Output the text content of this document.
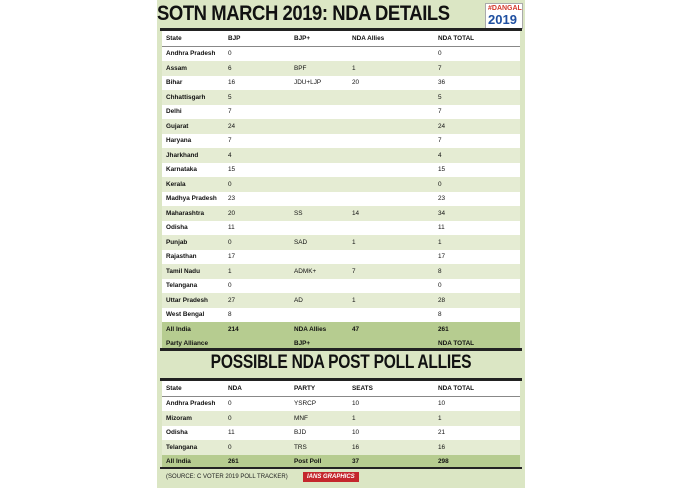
SOTN MARCH 2019: NDA DETAILS	#DANGAL
2019
State	BJP	BJP+	NDA Allies	NDA TOTAL
Andhra Pradesh	0			0
Assam	6	BPF	1	7
Bihar	16	JDU+LJP	20	36
Chhattisgarh	5			5
Delhi	7			7
Gujarat	24			24
Haryana	7			7
Jharkhand	4			4
Karnataka	15			15
Kerala	0			0
Madhya Pradesh	23			23
Maharashtra	20	SS	14	34
Odisha	11			11
Punjab	0	SAD	1	1
Rajasthan	17			17
Tamil Nadu	1	ADMK+	7	8
Telangana	0			0
Uttar Pradesh	27	AD	1	28
West Bengal	8			8
All India	214	NDA Allies	47	261
Party Alliance		BJP+		NDA TOTAL
POSSIBLE NDA POST POLL ALLIES
State	NDA	PARTY	SEATS	NDA TOTAL
Andhra Pradesh	0	YSRCP	10	10
Mizoram	0	MNF	1	1
Odisha	11	BJD	10	21
Telangana	0	TRS	16	16
All India	261	Post Poll	37	298
(SOURCE: C VOTER 2019 POLL TRACKER)	IANS GRAPHICS
